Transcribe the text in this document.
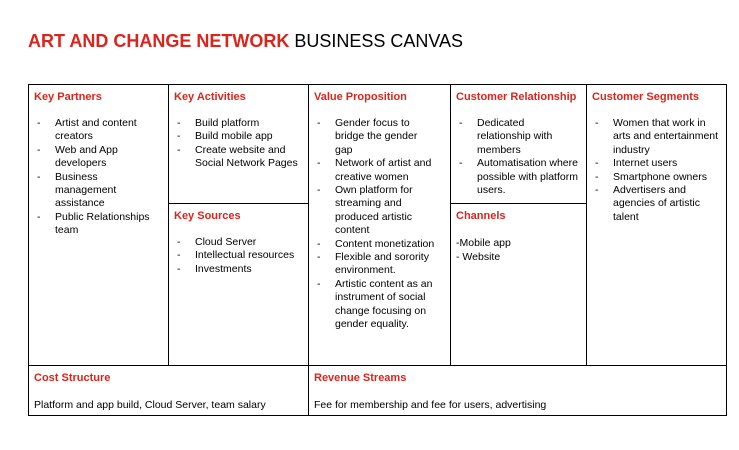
ART AND CHANGE NETWORK BUSINESS CANVAS
Key Partners
- Artist and content creators
- Web and App developers
- Business management assistance
- Public Relationships team
Key Activities
- Build platform
- Build mobile app
- Create website and Social Network Pages
Key Sources
- Cloud Server
- Intellectual resources
- Investments
Value Proposition
- Gender focus to bridge the gender gap
- Network of artist and creative women
- Own platform for streaming and produced artistic content
- Content monetization
- Flexible and sorority environment.
- Artistic content as an instrument of social change focusing on gender equality.
Customer Relationship
- Dedicated relationship with members
- Automatisation where possible with platform users.
Channels
-Mobile app
- Website
Customer Segments
- Women that work in arts and entertainment industry
- Internet users
- Smartphone owners
- Advertisers and agencies of artistic talent
Cost Structure
Platform and app build, Cloud Server, team salary
Revenue Streams
Fee for membership and fee for users, advertising
